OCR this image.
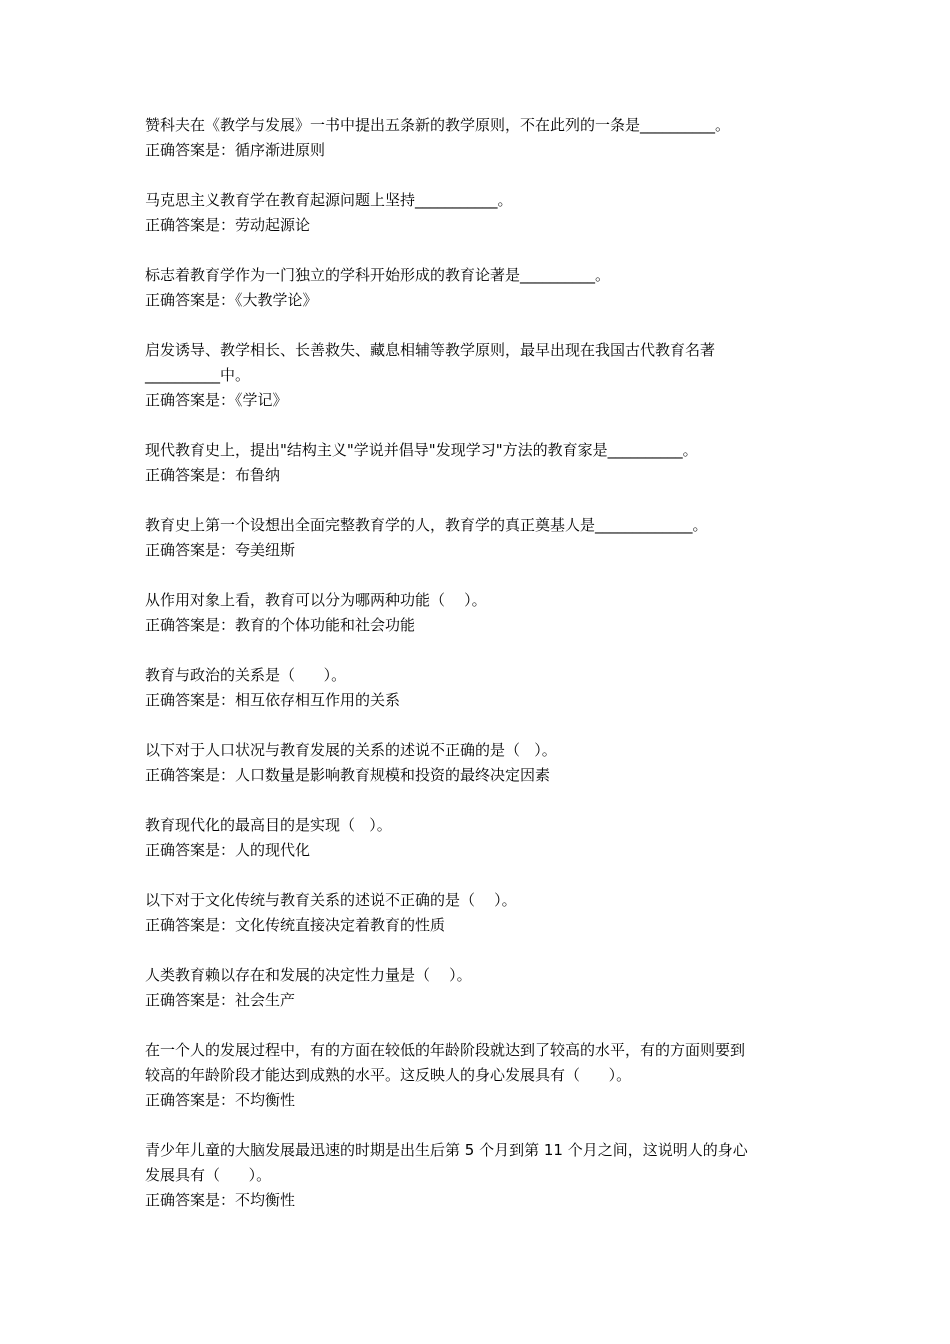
赞科夫在《教学与发展》一书中提出五条新的教学原则，不在此列的一条是__________。
正确答案是：循序渐进原则
马克思主义教育学在教育起源问题上坚持___________。
正确答案是：劳动起源论
标志着教育学作为一门独立的学科开始形成的教育论著是__________。
正确答案是：《大教学论》
启发诱导、教学相长、长善救失、藏息相辅等教学原则，最早出现在我国古代教育名著
__________中。
正确答案是：《学记》
现代教育史上，提出"结构主义"学说并倡导"发现学习"方法的教育家是__________。
正确答案是：布鲁纳
教育史上第一个设想出全面完整教育学的人，教育学的真正奠基人是_____________。
正确答案是：夸美纽斯
从作用对象上看，教育可以分为哪两种功能（    ）。
正确答案是：教育的个体功能和社会功能
教育与政治的关系是（      ）。
正确答案是：相互依存相互作用的关系
以下对于人口状况与教育发展的关系的述说不正确的是（   ）。
正确答案是：人口数量是影响教育规模和投资的最终决定因素
教育现代化的最高目的是实现（   ）。
正确答案是：人的现代化
以下对于文化传统与教育关系的述说不正确的是（    ）。
正确答案是：文化传统直接决定着教育的性质
人类教育赖以存在和发展的决定性力量是（    ）。
正确答案是：社会生产
在一个人的发展过程中，有的方面在较低的年龄阶段就达到了较高的水平，有的方面则要到
较高的年龄阶段才能达到成熟的水平。这反映人的身心发展具有（      ）。
正确答案是：不均衡性
青少年儿童的大脑发展最迅速的时期是出生后第 5 个月到第 11 个月之间，这说明人的身心
发展具有（      ）。
正确答案是：不均衡性
